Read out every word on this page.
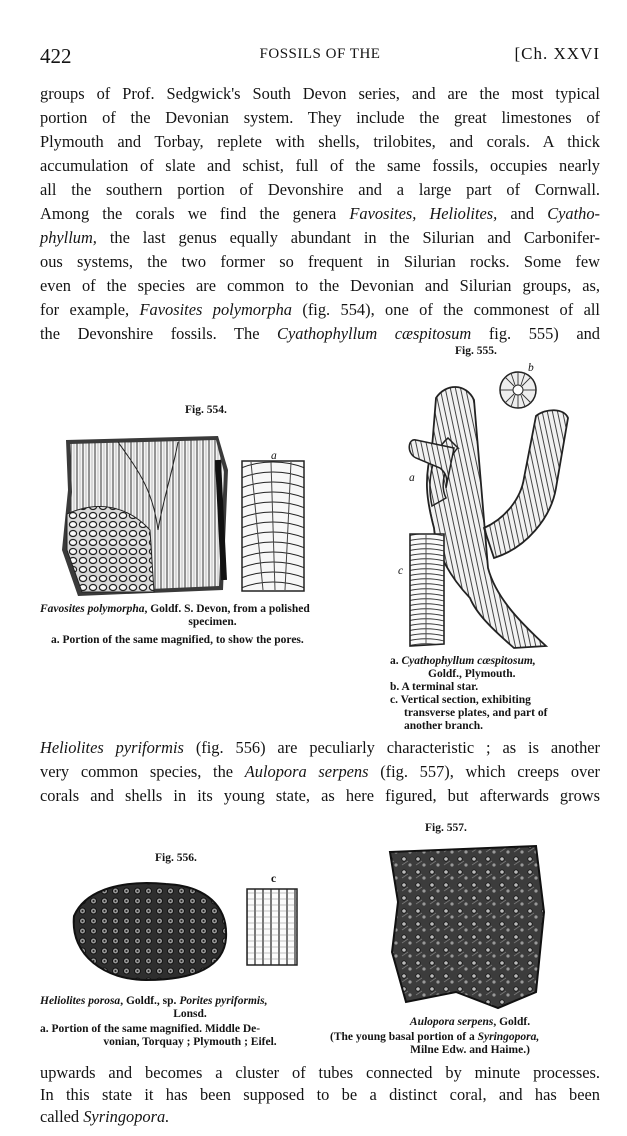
422	FOSSILS OF THE	[Ch. XXVI
groups of Prof. Sedgwick's South Devon series, and are the most typical
portion of the Devonian system. They include the great limestones of
Plymouth and Torbay, replete with shells, trilobites, and corals. A thick
accumulation of slate and schist, full of the same fossils, occupies nearly
all the southern portion of Devonshire and a large part of Cornwall.
Among the corals we find the genera Favosites, Heliolites, and Cyatho-
phyllum, the last genus equally abundant in the Silurian and Carbonifer-
ous systems, the two former so frequent in Silurian rocks. Some few
even of the species are common to the Devonian and Silurian groups, as,
for example, Favosites polymorpha (fig. 554), one of the commonest of all
the Devonshire fossils. The Cyathophyllum cæspitosum fig. 555) and
Fig. 554.
a
Favosites polymorpha, Goldf. S. Devon, from a polished
specimen.
a. Portion of the same magnified, to show the pores.
Fig. 555.
b
a
c
a. Cyathophyllum cæspitosum,
Goldf., Plymouth.
b. A terminal star.
c. Vertical section, exhibiting
transverse plates, and part of
another branch.
Heliolites pyriformis (fig. 556) are peculiarly characteristic ; as is another
very common species, the Aulopora serpens (fig. 557), which creeps over
corals and shells in its young state, as here figured, but afterwards grows
Fig. 556.
c
Heliolites porosa, Goldf., sp. Porites pyriformis,
Lonsd.
a. Portion of the same magnified. Middle De-
vonian, Torquay ; Plymouth ; Eifel.
Fig. 557.
Aulopora serpens, Goldf.
(The young basal portion of a Syringopora,
Milne Edw. and Haime.)
upwards and becomes a cluster of tubes connected by minute processes.
In this state it has been supposed to be a distinct coral, and has been
called Syringopora.
